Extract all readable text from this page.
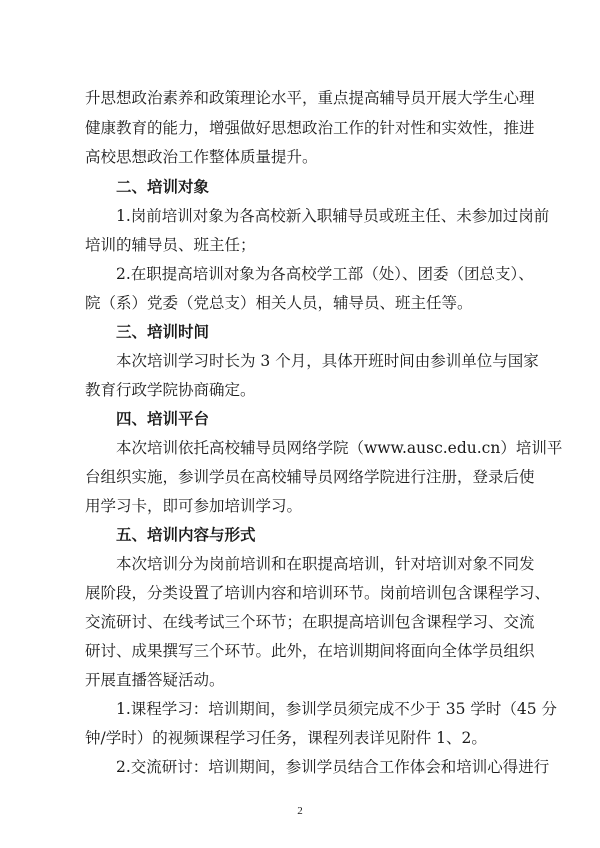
升思想政治素养和政策理论水平，重点提高辅导员开展大学生心理
健康教育的能力，增强做好思想政治工作的针对性和实效性，推进
高校思想政治工作整体质量提升。
二、培训对象
1.岗前培训对象为各高校新入职辅导员或班主任、未参加过岗前
培训的辅导员、班主任；
2.在职提高培训对象为各高校学工部（处）、团委（团总支）、
院（系）党委（党总支）相关人员，辅导员、班主任等。
三、培训时间
本次培训学习时长为 3 个月，具体开班时间由参训单位与国家
教育行政学院协商确定。
四、培训平台
本次培训依托高校辅导员网络学院（www.ausc.edu.cn）培训平
台组织实施，参训学员在高校辅导员网络学院进行注册，登录后使
用学习卡，即可参加培训学习。
五、培训内容与形式
本次培训分为岗前培训和在职提高培训，针对培训对象不同发
展阶段，分类设置了培训内容和培训环节。岗前培训包含课程学习、
交流研讨、在线考试三个环节；在职提高培训包含课程学习、交流
研讨、成果撰写三个环节。此外，在培训期间将面向全体学员组织
开展直播答疑活动。
1.课程学习：培训期间，参训学员须完成不少于 35 学时（45 分
钟/学时）的视频课程学习任务，课程列表详见附件 1、2。
2.交流研讨：培训期间，参训学员结合工作体会和培训心得进行
2
